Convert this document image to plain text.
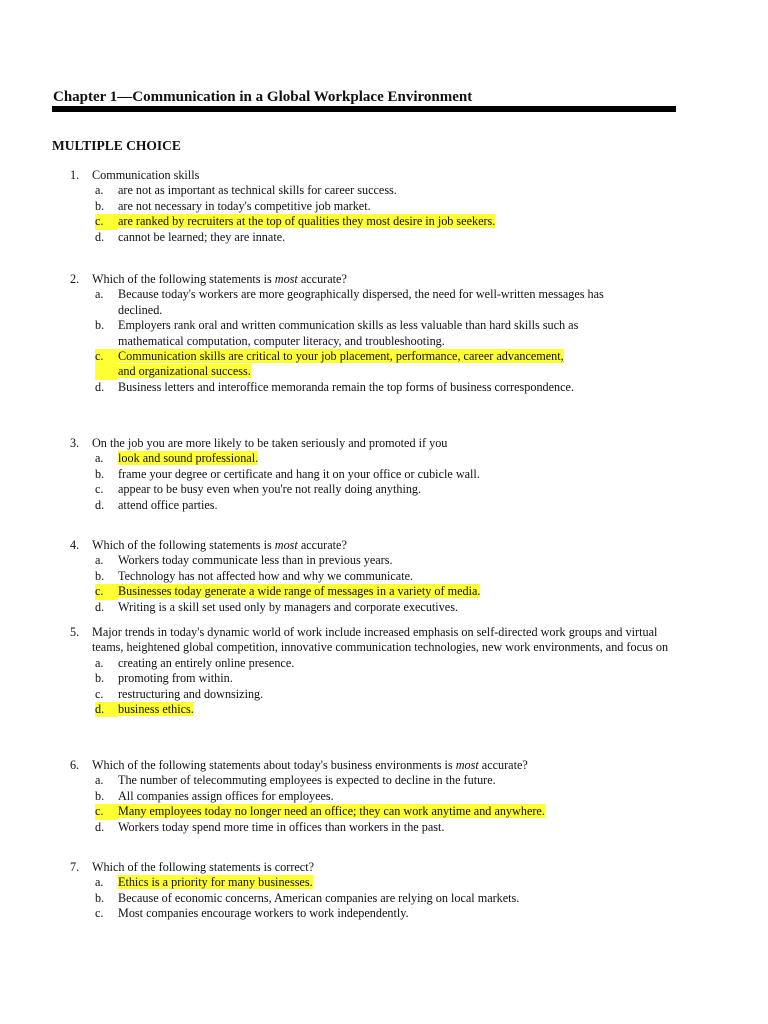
Chapter 1—Communication in a Global Workplace Environment
MULTIPLE CHOICE
1.	Communication skills
a.	are not as important as technical skills for career success.
b.	are not necessary in today's competitive job market.
c.	are ranked by recruiters at the top of qualities they most desire in job seekers.
d.	cannot be learned; they are innate.
2.	Which of the following statements is most accurate?
a.	Because today's workers are more geographically dispersed, the need for well-written messages has declined.
b.	Employers rank oral and written communication skills as less valuable than hard skills such as mathematical computation, computer literacy, and troubleshooting.
c.	Communication skills are critical to your job placement, performance, career advancement, and organizational success.
d.	Business letters and interoffice memoranda remain the top forms of business correspondence.
3.	On the job you are more likely to be taken seriously and promoted if you
a.	look and sound professional.
b.	frame your degree or certificate and hang it on your office or cubicle wall.
c.	appear to be busy even when you're not really doing anything.
d.	attend office parties.
4.	Which of the following statements is most accurate?
a.	Workers today communicate less than in previous years.
b.	Technology has not affected how and why we communicate.
c.	Businesses today generate a wide range of messages in a variety of media.
d.	Writing is a skill set used only by managers and corporate executives.
5.	Major trends in today's dynamic world of work include increased emphasis on self-directed work groups and virtual teams, heightened global competition, innovative communication technologies, new work environments, and focus on
a.	creating an entirely online presence.
b.	promoting from within.
c.	restructuring and downsizing.
d.	business ethics.
6.	Which of the following statements about today's business environments is most accurate?
a.	The number of telecommuting employees is expected to decline in the future.
b.	All companies assign offices for employees.
c.	Many employees today no longer need an office; they can work anytime and anywhere.
d.	Workers today spend more time in offices than workers in the past.
7.	Which of the following statements is correct?
a.	Ethics is a priority for many businesses.
b.	Because of economic concerns, American companies are relying on local markets.
c.	Most companies encourage workers to work independently.
